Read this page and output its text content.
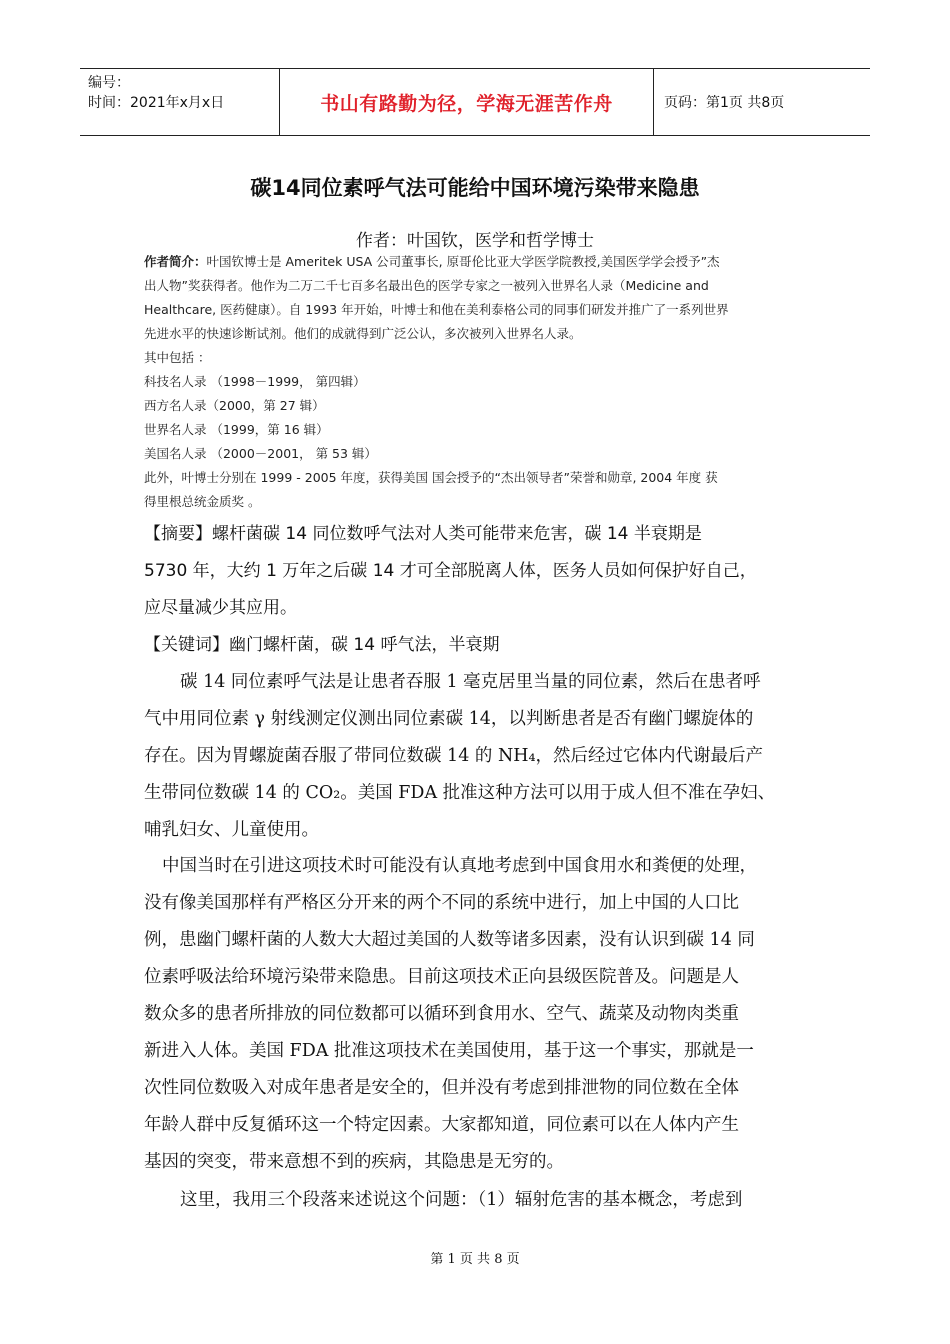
编号：
时间：2021年x月x日	书山有路勤为径，学海无涯苦作舟	页码：第1页 共8页
碳14同位素呼气法可能给中国环境污染带来隐患
作者：叶国钦，医学和哲学博士

作者简介：叶国钦博士是 Ameritek USA 公司董事长, 原哥伦比亚大学医学院教授,美国医学学会授予”杰

出人物”奖获得者。他作为二万二千七百多名最出色的医学专家之一被列入世界名人录（Medicine and

Healthcare, 医药健康）。自 1993 年开始，叶博士和他在美利泰格公司的同事们研发并推广了一系列世界

先进水平的快速诊断试剂。他们的成就得到广泛公认，多次被列入世界名人录。

其中包括 ：

科技名人录 （1998－1999， 第四辑）

西方名人录（2000，第 27 辑）

世界名人录 （1999，第 16 辑）

美国名人录 （2000－2001， 第 53 辑）

此外，叶博士分别在 1999 - 2005 年度，获得美国 国会授予的“杰出领导者”荣誉和勋章, 2004 年度 获

得里根总统金质奖 。

【摘要】螺杆菌碳 14 同位数呼气法对人类可能带来危害，碳 14 半衰期是

5730 年，大约 1 万年之后碳 14 才可全部脱离人体，医务人员如何保护好自己，

应尽量减少其应用。

【关键词】幽门螺杆菌，碳 14 呼气法，半衰期

碳 14 同位素呼气法是让患者吞服 1 毫克居里当量的同位素，然后在患者呼

气中用同位素 γ 射线测定仪测出同位素碳 14，以判断患者是否有幽门螺旋体的

存在。因为胃螺旋菌吞服了带同位数碳 14 的 NH₄，然后经过它体内代谢最后产

生带同位数碳 14 的 CO₂。美国 FDA 批准这种方法可以用于成人但不准在孕妇、

哺乳妇女、儿童使用。

中国当时在引进这项技术时可能没有认真地考虑到中国食用水和粪便的处理，

没有像美国那样有严格区分开来的两个不同的系统中进行，加上中国的人口比

例，患幽门螺杆菌的人数大大超过美国的人数等诸多因素，没有认识到碳 14 同

位素呼吸法给环境污染带来隐患。目前这项技术正向县级医院普及。问题是人

数众多的患者所排放的同位数都可以循环到食用水、空气、蔬菜及动物肉类重

新进入人体。美国 FDA 批准这项技术在美国使用，基于这一个事实，那就是一

次性同位数吸入对成年患者是安全的，但并没有考虑到排泄物的同位数在全体

年龄人群中反复循环这一个特定因素。大家都知道，同位素可以在人体内产生

基因的突变，带来意想不到的疾病，其隐患是无穷的。

这里，我用三个段落来述说这个问题：（1）辐射危害的基本概念，考虑到

第 1 页 共 8 页
